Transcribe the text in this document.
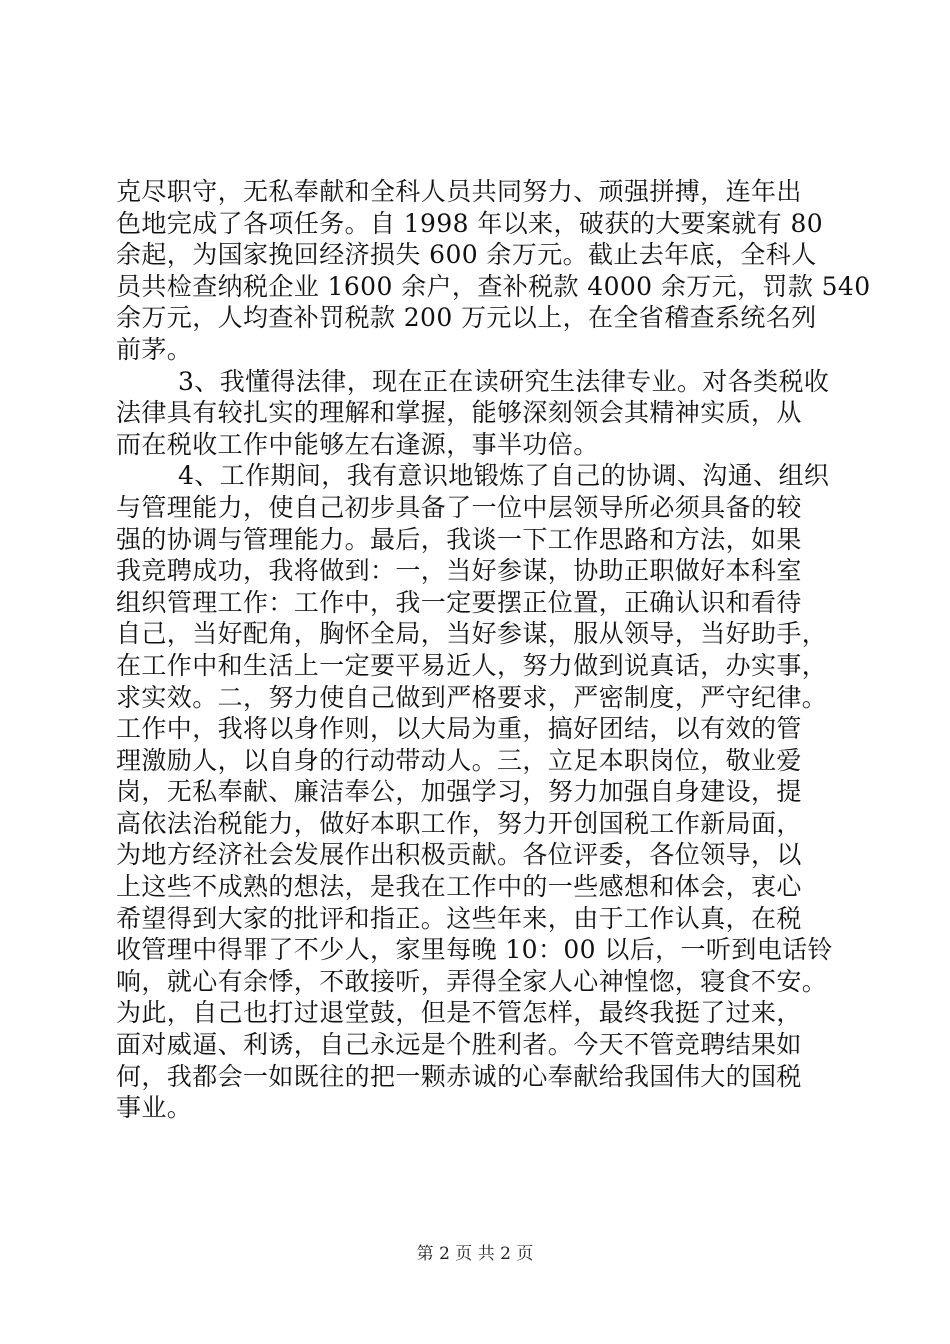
克尽职守，无私奉献和全科人员共同努力、顽强拼搏，连年出
色地完成了各项任务。自 1998 年以来，破获的大要案就有 80
余起，为国家挽回经济损失 600 余万元。截止去年底，全科人
员共检查纳税企业 1600 余户，查补税款 4000 余万元，罚款 540
余万元，人均查补罚税款 200 万元以上，在全省稽查系统名列
前茅。
3、我懂得法律，现在正在读研究生法律专业。对各类税收
法律具有较扎实的理解和掌握，能够深刻领会其精神实质，从
而在税收工作中能够左右逢源，事半功倍。
4、工作期间，我有意识地锻炼了自己的协调、沟通、组织
与管理能力，使自己初步具备了一位中层领导所必须具备的较
强的协调与管理能力。最后，我谈一下工作思路和方法，如果
我竞聘成功，我将做到：一，当好参谋，协助正职做好本科室
组织管理工作：工作中，我一定要摆正位置，正确认识和看待
自己，当好配角，胸怀全局，当好参谋，服从领导，当好助手，
在工作中和生活上一定要平易近人，努力做到说真话，办实事，
求实效。二，努力使自己做到严格要求，严密制度，严守纪律。
工作中，我将以身作则，以大局为重，搞好团结，以有效的管
理激励人，以自身的行动带动人。三，立足本职岗位，敬业爱
岗，无私奉献、廉洁奉公，加强学习，努力加强自身建设，提
高依法治税能力，做好本职工作，努力开创国税工作新局面，
为地方经济社会发展作出积极贡献。各位评委，各位领导，以
上这些不成熟的想法，是我在工作中的一些感想和体会，衷心
希望得到大家的批评和指正。这些年来，由于工作认真，在税
收管理中得罪了不少人，家里每晚 10：00 以后，一听到电话铃
响，就心有余悸，不敢接听，弄得全家人心神惶惚，寝食不安。
为此，自己也打过退堂鼓，但是不管怎样，最终我挺了过来，
面对威逼、利诱，自己永远是个胜利者。今天不管竞聘结果如
何，我都会一如既往的把一颗赤诚的心奉献给我国伟大的国税
事业。
第 2 页 共 2 页
